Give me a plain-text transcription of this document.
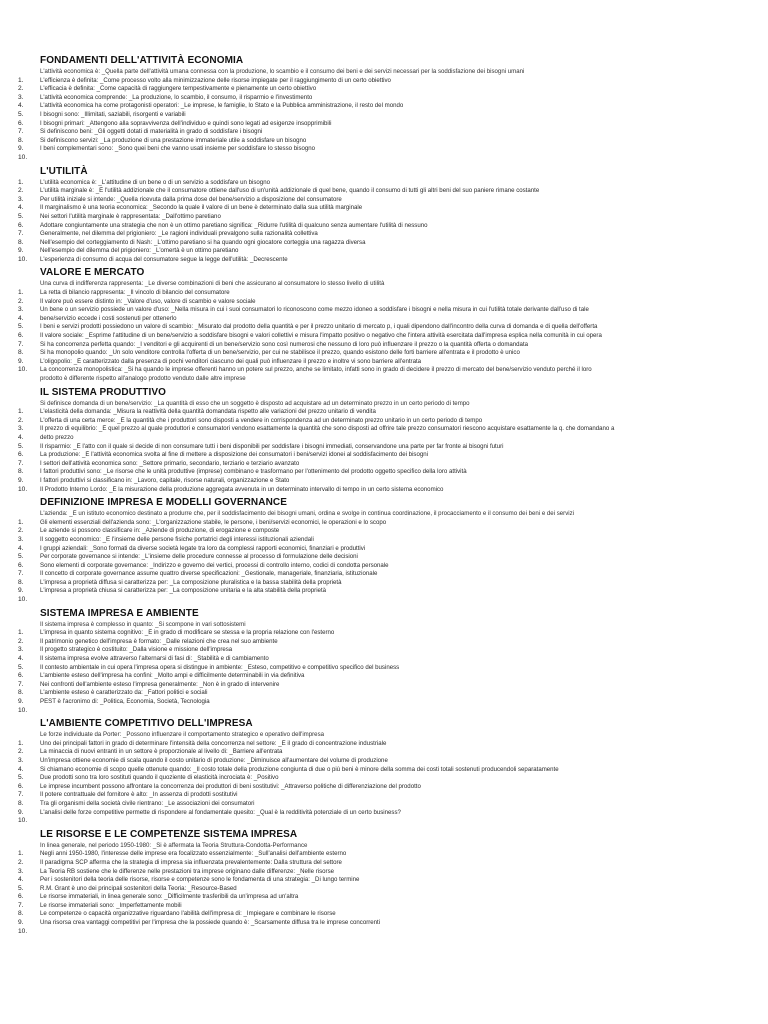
FONDAMENTI DELL'ATTIVITÀ ECONOMIA
L'attività economica è: _Quella parte dell'attività umana connessa con la produzione, lo scambio e il consumo dei beni e dei servizi necessari per la soddisfazione dei bisogni umani
1.	L'efficienza è definita: _Come processo volto alla minimizzazione delle risorse impiegate per il raggiungimento di un certo obiettivo
2.	L'efficacia è definita: _Come capacità di raggiungere tempestivamente e pienamente un certo obiettivo
3.	L'attività economica comprende: _La produzione, lo scambio, il consumo, il risparmio e l'investimento
4.	L'attività economica ha come protagonisti operatori: _Le imprese, le famiglie, lo Stato e la Pubblica amministrazione, il resto del mondo
5.	I bisogni sono: _Illimitati, saziabili, risorgenti e variabili
6.	I bisogni primari: _Attengono alla sopravvivenza dell'individuo e quindi sono legati ad esigenze insopprimibili
7.	Si definiscono beni: _Gli oggetti dotati di materialità in grado di soddisfare i bisogni
8.	Si definiscono servizi: _La produzione di una prestazione immateriale utile a soddisfare un bisogno
9.	I beni complementari sono: _Sono quei beni che vanno usati insieme per soddisfare lo stesso bisogno
10.
L'UTILITÀ
1.	L'utilità economica è: _L'attitudine di un bene o di un servizio a soddisfare un bisogno
2.	L'utilità marginale è: _È l'utilità addizionale che il consumatore ottiene dall'uso di un'unità addizionale di quel bene, quando il consumo di tutti gli altri beni del suo paniere rimane costante
3.	Per utilità iniziale si intende: _Quella ricevuta dalla prima dose del bene/servizio a disposizione del consumatore
4.	Il marginalismo è una teoria economica: _Secondo la quale il valore di un bene è determinato dalla sua utilità marginale
5.	Nei settori l'utilità marginale è rappresentata: _Dall'ottimo paretiano
6.	Adottare congiuntamente una strategia che non è un ottimo paretiano significa: _Ridurre l'utilità di qualcuno senza aumentare l'utilità di nessuno
7.	Generalmente, nel dilemma del prigioniero: _Le ragioni individuali prevalgono sulla razionalità collettiva
8.	Nell'esempio del corteggiamento di Nash: _L'ottimo paretiano si ha quando ogni giocatore corteggia una ragazza diversa
9.	Nell'esempio del dilemma del prigioniero: _L'omertà è un ottimo paretiano
10.	L'esperienza di consumo di acqua del consumatore segue la legge dell'utilità: _Decrescente
VALORE E MERCATO
Una curva di indifferenza rappresenta: _Le diverse combinazioni di beni che assicurano al consumatore lo stesso livello di utilità
1.	La retta di bilancio rappresenta: _Il vincolo di bilancio del consumatore
2.	Il valore può essere distinto in: _Valore d'uso, valore di scambio e valore sociale
3.	Un bene o un servizio possiede un valore d'uso: _Nella misura in cui i suoi consumatori lo riconoscono come mezzo idoneo a soddisfare i bisogni e nella misura in cui l'utilità totale derivante dall'uso di tale
4.	bene/servizio eccede i costi sostenuti per ottenerlo
5.	I beni e servizi prodotti possiedono un valore di scambio: _Misurato dal prodotto della quantità e per il prezzo unitario di mercato p, i quali dipendono dall'incontro della curva di domanda e di quella dell'offerta
6.	Il valore sociale: _Esprime l'attitudine di un bene/servizio a soddisfare bisogni e valori collettivi e misura l'impatto positivo o negativo che l'intera attività esercitata dall'impresa esplica nella comunità in cui opera
7.	Si ha concorrenza perfetta quando: _I venditori e gli acquirenti di un bene/servizio sono così numerosi che nessuno di loro può influenzare il prezzo o la quantità offerta o domandata
8.	Si ha monopolio quando: _Un solo venditore controlla l'offerta di un bene/servizio, per cui ne stabilisce il prezzo, quando esistono delle forti barriere all'entrata e il prodotto è unico
9.	L'oligopolio: _È caratterizzato dalla presenza di pochi venditori ciascuno dei quali può influenzare il prezzo e inoltre vi sono barriere all'entrata
10.	La concorrenza monopolistica: _Si ha quando le imprese offerenti hanno un potere sul prezzo, anche se limitato, infatti sono in grado di decidere il prezzo di mercato del bene/servizio venduto perché il loro
prodotto è differente rispetto all'analogo prodotto venduto dalle altre imprese
IL SISTEMA PRODUTTIVO
Si definisce domanda di un bene/servizio: _La quantità di esso che un soggetto è disposto ad acquistare ad un determinato prezzo in un certo periodo di tempo
1.	L'elasticità della domanda: _Misura la reattività della quantità domandata rispetto alle variazioni del prezzo unitario di vendita
2.	L'offerta di una certa merce: _È la quantità che i produttori sono disposti a vendere in corrispondenza ad un determinato prezzo unitario in un certo periodo di tempo
3.	Il prezzo di equilibrio: _È quel prezzo al quale produttori e consumatori vendono esattamente la quantità che sono disposti ad offrire tale prezzo consumatori riescono acquistare esattamente la q. che domandano a
4.	detto prezzo
5.	Il risparmio: _È l'atto con il quale si decide di non consumare tutti i beni disponibili per soddisfare i bisogni immediati, conservandone una parte per far fronte ai bisogni futuri
6.	La produzione: _È l'attività economica svolta al fine di mettere a disposizione dei consumatori i beni/servizi idonei al soddisfacimento dei bisogni
7.	I settori dell'attività economica sono: _Settore primario, secondario, terziario e terziario avanzato
8.	I fattori produttivi sono: _Le risorse che le unità produttive (imprese) combinano e trasformano per l'ottenimento del prodotto oggetto specifico della loro attività
9.	I fattori produttivi si classificano in: _Lavoro, capitale, risorse naturali, organizzazione e Stato
10.	Il Prodotto Interno Lordo: _È la misurazione della produzione aggregata avvenuta in un determinato intervallo di tempo in un certo sistema economico
DEFINIZIONE IMPRESA E MODELLI GOVERNANCE
L'azienda: _È un istituto economico destinato a produrre che, per il soddisfacimento dei bisogni umani, ordina e svolge in continua coordinazione, il procacciamento e il consumo dei beni e dei servizi
1.	Gli elementi essenziali dell'azienda sono: _L'organizzazione stabile, le persone, i beni/servizi economici, le operazioni e lo scopo
2.	Le aziende si possono classificare in: _Aziende di produzione, di erogazione e composte
3.	Il soggetto economico: _È l'insieme delle persone fisiche portatrici degli interessi istituzionali aziendali
4.	I gruppi aziendali: _Sono formati da diverse società legate tra loro da complessi rapporti economici, finanziari e produttivi
5.	Per corporate governance si intende: _L'insieme delle procedure connesse al processo di formulazione delle decisioni
6.	Sono elementi di corporate governance: _Indirizzo e governo dei vertici, processi di controllo interno, codici di condotta personale
7.	Il concetto di corporate governance assume quattro diverse specificazioni: _Gestionale, manageriale, finanziaria, istituzionale
8.	L'impresa a proprietà diffusa si caratterizza per: _La composizione pluralistica e la bassa stabilità della proprietà
9.	L'impresa a proprietà chiusa si caratterizza per: _La composizione unitaria e la alta stabilità della proprietà
10.
SISTEMA IMPRESA E AMBIENTE
Il sistema impresa è complesso in quanto: _Si scompone in vari sottosistemi
1.	L'impresa in quanto sistema cognitivo: _È in grado di modificare se stessa e la propria relazione con l'esterno
2.	Il patrimonio genetico dell'impresa è formato: _Dalle relazioni che crea nel suo ambiente
3.	Il progetto strategico è costituito: _Dalla visione e missione dell'impresa
4.	Il sistema impresa evolve attraverso l'alternarsi di fasi di: _Stabilità e di cambiamento
5.	Il contesto ambientale in cui opera l'impresa opera si distingue in ambiente: _Esteso, competitivo e competitivo specifico del business
6.	L'ambiente esteso dell'impresa ha confini: _Molto ampi e difficilmente determinabili in via definitiva
7.	Nei confronti dell'ambiente esteso l'impresa generalmente: _Non è in grado di intervenire
8.	L'ambiente esteso è caratterizzato da: _Fattori politici e sociali
9.	PEST è l'acronimo di: _Politica, Economia, Società, Tecnologia
10.
L'AMBIENTE COMPETITIVO DELL'IMPRESA
Le forze individuate da Porter: _Possono influenzare il comportamento strategico e operativo dell'impresa
1.	Uno dei principali fattori in grado di determinare l'intensità della concorrenza nel settore: _È il grado di concentrazione industriale
2.	La minaccia di nuovi entranti in un settore è proporzionale al livello di: _Barriere all'entrata
3.	Un'impresa ottiene economie di scala quando il costo unitario di produzione: _Diminuisce all'aumentare del volume di produzione
4.	Si chiamano economie di scopo quelle ottenute quando: _Il costo totale della produzione congiunta di due o più beni è minore della somma dei costi totali sostenuti producendoli separatamente
5.	Due prodotti sono tra loro sostituti quando il quoziente di elasticità incrociata è: _Positivo
6.	Le imprese incumbent possono affrontare la concorrenza dei produttori di beni sostitutivi: _Attraverso politiche di differenziazione del prodotto
7.	Il potere contrattuale del fornitore è alto: _In assenza di prodotti sostitutivi
8.	Tra gli organismi della società civile rientrano: _Le associazioni dei consumatori
9.	L'analisi delle forze competitive permette di rispondere al fondamentale quesito: _Qual è la redditività potenziale di un certo business?
10.
LE RISORSE E LE COMPETENZE SISTEMA IMPRESA
In linea generale, nel periodo 1950-1980: _Si è affermata la Teoria Struttura-Condotta-Performance
1.	Negli anni 1950-1980, l'interesse delle imprese era focalizzato essenzialmente: _Sull'analisi dell'ambiente esterno
2.	Il paradigma SCP afferma che la strategia di impresa sia influenzata prevalentemente: Dalla struttura del settore
3.	La Teoria RB sostiene che le differenze nelle prestazioni tra imprese originano dalle differenze: _Nelle risorse
4.	Per i sostenitori della teoria delle risorse, risorse e competenze sono le fondamenta di una strategia: _Di lungo termine
5.	R.M. Grant è uno dei principali sostenitori della Teoria: _Resource-Based
6.	Le risorse immateriali, in linea generale sono: _Difficilmente trasferibili da un'impresa ad un'altra
7.	Le risorse immateriali sono: _Imperfettamente mobili
8.	Le competenze o capacità organizzative riguardano l'abilità dell'impresa di: _Impiegare e combinare le risorse
9.	Una risorsa crea vantaggi competitivi per l'impresa che la possiede quando è: _Scarsamente diffusa tra le imprese concorrenti
10.
